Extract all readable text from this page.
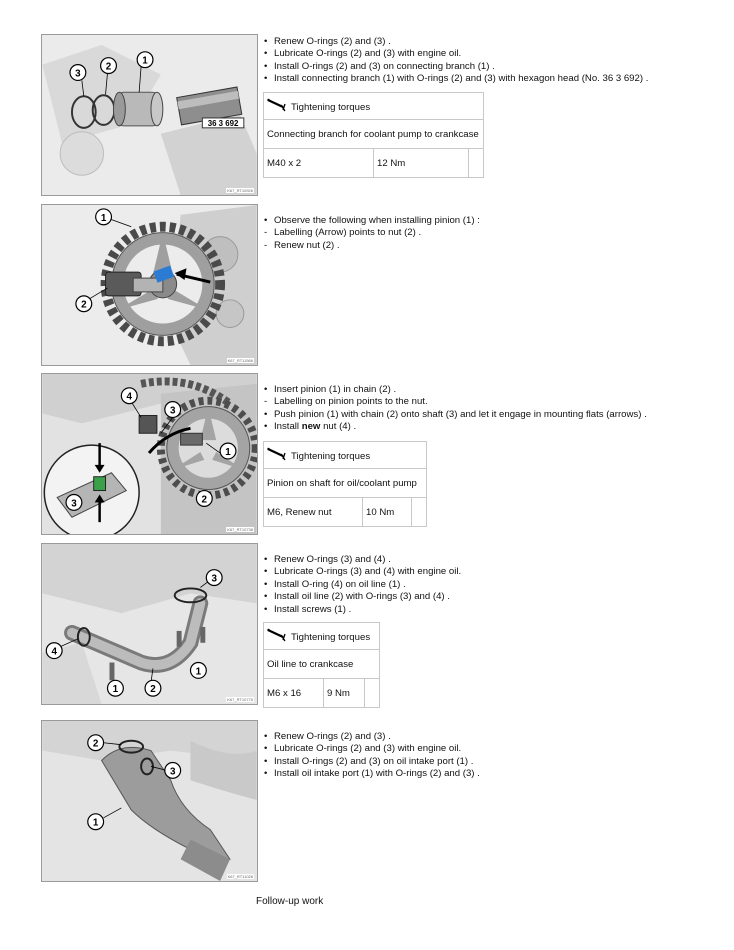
36 3 692
3
2
1
K67_RT10926
• Renew O-rings (2) and (3) .
• Lubricate O-rings (2) and (3) with engine oil.
• Install O-rings (2) and (3) on connecting branch (1) .
• Install connecting branch (1) with O-rings (2) and (3) with hexagon head (No. 36 3 692) .
Tightening torques

Connecting branch for coolant pump to crankcase
M40 x 2	12 Nm	
1
2
K67_RT11566
• Observe the following when installing pinion (1) :
- Labelling (Arrow) points to nut (2) .
- Renew nut (2) .
4
3
1
2
3
K67_RT10738
• Insert pinion (1) in chain (2) .
- Labelling on pinion points to the nut.
• Push pinion (1) with chain (2) onto shaft (3) and let it engage in mounting flats (arrows) .
• Install new nut (4) .
Tightening torques

Pinion on shaft for oil/coolant pump
M6, Renew nut	10 Nm	
3
4
1
1	2
K67_RT10775
• Renew O-rings (3) and (4) .
• Lubricate O-rings (3) and (4) with engine oil.
• Install O-ring (4) on oil line (1) .
• Install oil line (2) with O-rings (3) and (4) .
• Install screws (1) .
Tightening torques

Oil line to crankcase
M6 x 16	9 Nm	
2
3
1
K67_RT11028
• Renew O-rings (2) and (3) .
• Lubricate O-rings (2) and (3) with engine oil.
• Install O-rings (2) and (3) on oil intake port (1) .
• Install oil intake port (1) with O-rings (2) and (3) .
Follow-up work
